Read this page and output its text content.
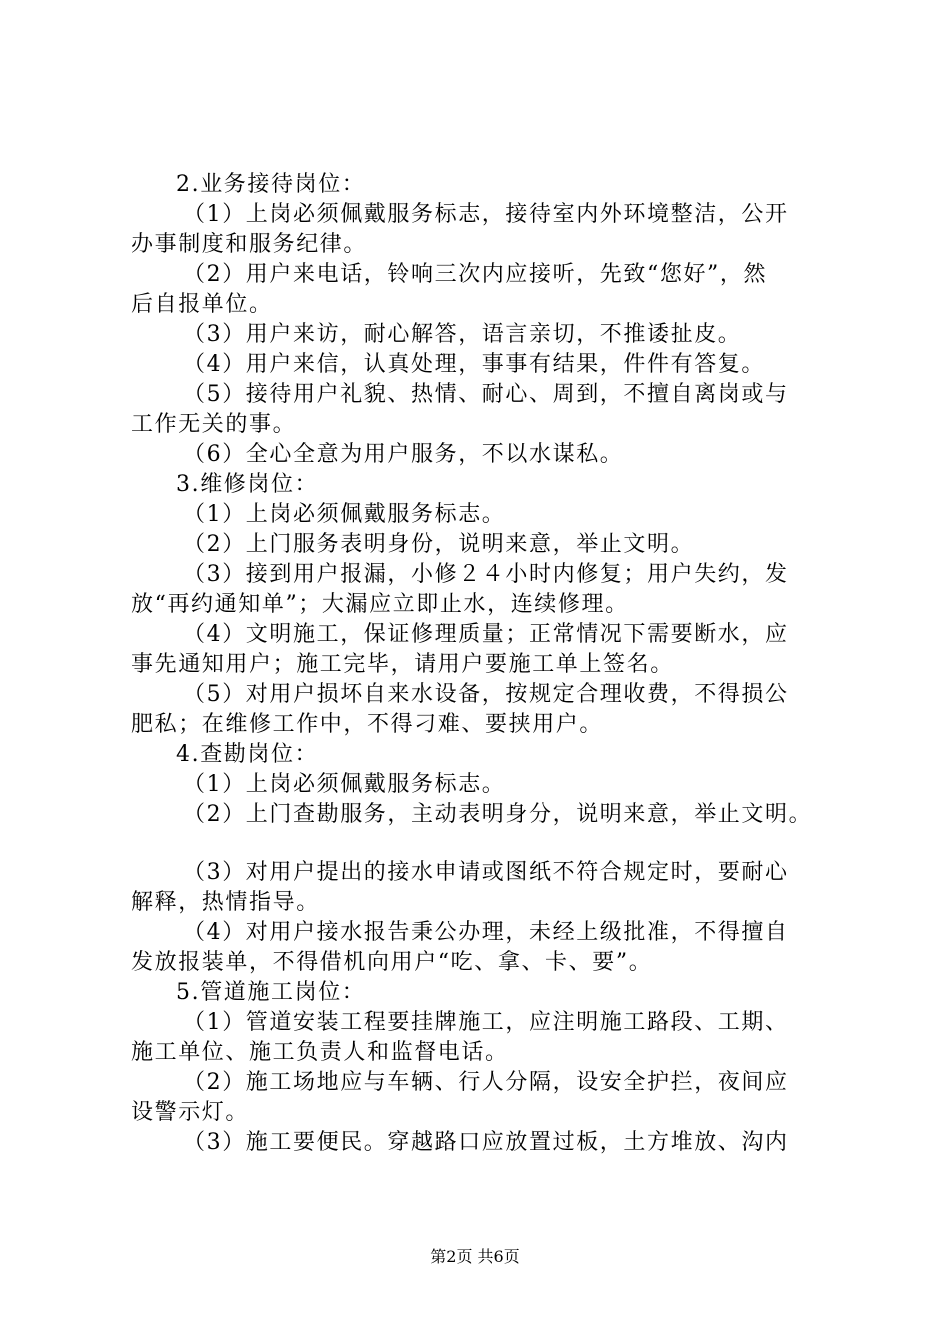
2.业务接待岗位：
（1）上岗必须佩戴服务标志，接待室内外环境整洁，公开
办事制度和服务纪律。
（2）用户来电话，铃响三次内应接听，先致“您好”，然
后自报单位。
（3）用户来访，耐心解答，语言亲切，不推诿扯皮。
（4）用户来信，认真处理，事事有结果，件件有答复。
（5）接待用户礼貌、热情、耐心、周到，不擅自离岗或与
工作无关的事。
（6）全心全意为用户服务，不以水谋私。
3.维修岗位：
（1）上岗必须佩戴服务标志。
（2）上门服务表明身份，说明来意，举止文明。
（3）接到用户报漏，小修２４小时内修复；用户失约，发
放“再约通知单”；大漏应立即止水，连续修理。
（4）文明施工，保证修理质量；正常情况下需要断水，应
事先通知用户；施工完毕，请用户要施工单上签名。
（5）对用户损坏自来水设备，按规定合理收费，不得损公
肥私；在维修工作中，不得刁难、要挟用户。
4.查勘岗位：
（1）上岗必须佩戴服务标志。
（2）上门查勘服务，主动表明身分，说明来意，举止文明。
（3）对用户提出的接水申请或图纸不符合规定时，要耐心
解释，热情指导。
（4）对用户接水报告秉公办理，未经上级批准，不得擅自
发放报装单，不得借机向用户“吃、拿、卡、要”。
5.管道施工岗位：
（1）管道安装工程要挂牌施工，应注明施工路段、工期、
施工单位、施工负责人和监督电话。
（2）施工场地应与车辆、行人分隔，设安全护拦，夜间应
设警示灯。
（3）施工要便民。穿越路口应放置过板，土方堆放、沟内
第2页 共6页
